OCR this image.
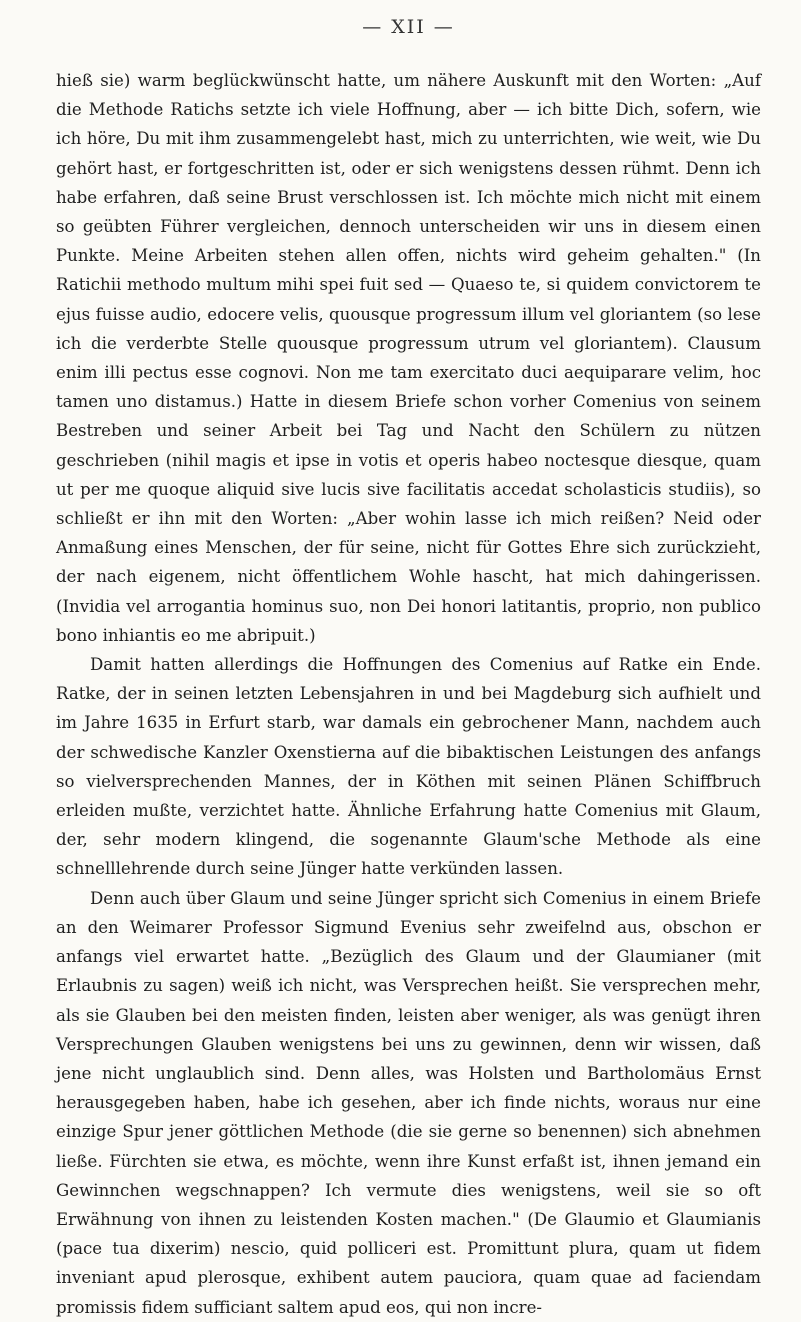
— XII —

hieß sie) warm beglückwünscht hatte, um nähere Auskunft mit den Worten: „Auf die Methode Ratichs setzte ich viele Hoffnung, aber — ich bitte Dich, sofern, wie ich höre, Du mit ihm zusammengelebt hast, mich zu unterrichten, wie weit, wie Du gehört hast, er fortgeschritten ist, oder er sich wenigstens dessen rühmt. Denn ich habe erfahren, daß seine Brust verschlossen ist. Ich möchte mich nicht mit einem so geübten Führer vergleichen, dennoch unterscheiden wir uns in diesem einen Punkte. Meine Arbeiten stehen allen offen, nichts wird geheim gehalten." (In Ratichii methodo multum mihi spei fuit sed — Quaeso te, si quidem convictorem te ejus fuisse audio, edocere velis, quousque progressum illum vel gloriantem (so lese ich die verderbte Stelle quousque progressum utrum vel gloriantem). Clausum enim illi pectus esse cognovi. Non me tam exercitato duci aequiparare velim, hoc tamen uno distamus.) Hatte in diesem Briefe schon vorher Comenius von seinem Bestreben und seiner Arbeit bei Tag und Nacht den Schülern zu nützen geschrieben (nihil magis et ipse in votis et operis habeo noctesque diesque, quam ut per me quoque aliquid sive lucis sive facilitatis accedat scholasticis studiis), so schließt er ihn mit den Worten: „Aber wohin lasse ich mich reißen? Neid oder Anmaßung eines Menschen, der für seine, nicht für Gottes Ehre sich zurückzieht, der nach eigenem, nicht öffentlichem Wohle hascht, hat mich dahingerissen. (Invidia vel arrogantia hominus suo, non Dei honori latitantis, proprio, non publico bono inhiantis eo me abripuit.)

Damit hatten allerdings die Hoffnungen des Comenius auf Ratke ein Ende. Ratke, der in seinen letzten Lebensjahren in und bei Magdeburg sich aufhielt und im Jahre 1635 in Erfurt starb, war damals ein gebrochener Mann, nachdem auch der schwedische Kanzler Oxenstierna auf die bibaktischen Leistungen des anfangs so vielversprechenden Mannes, der in Köthen mit seinen Plänen Schiffbruch erleiden mußte, verzichtet hatte. Ähnliche Erfahrung hatte Comenius mit Glaum, der, sehr modern klingend, die sogenannte Glaum'sche Methode als eine schnelllehrende durch seine Jünger hatte verkünden lassen.

Denn auch über Glaum und seine Jünger spricht sich Comenius in einem Briefe an den Weimarer Professor Sigmund Evenius sehr zweifelnd aus, obschon er anfangs viel erwartet hatte. „Bezüglich des Glaum und der Glaumianer (mit Erlaubnis zu sagen) weiß ich nicht, was Versprechen heißt. Sie versprechen mehr, als sie Glauben bei den meisten finden, leisten aber weniger, als was genügt ihren Versprechungen Glauben wenigstens bei uns zu gewinnen, denn wir wissen, daß jene nicht unglaublich sind. Denn alles, was Holsten und Bartholomäus Ernst herausgegeben haben, habe ich gesehen, aber ich finde nichts, woraus nur eine einzige Spur jener göttlichen Methode (die sie gerne so benennen) sich abnehmen ließe. Fürchten sie etwa, es möchte, wenn ihre Kunst erfaßt ist, ihnen jemand ein Gewinnchen wegschnappen? Ich vermute dies wenigstens, weil sie so oft Erwähnung von ihnen zu leistenden Kosten machen." (De Glaumio et Glaumianis (pace tua dixerim) nescio, quid polliceri est. Promittunt plura, quam ut fidem inveniant apud plerosque, exhibent autem pauciora, quam quae ad faciendam promissis fidem sufficiant saltem apud eos, qui non incre-
